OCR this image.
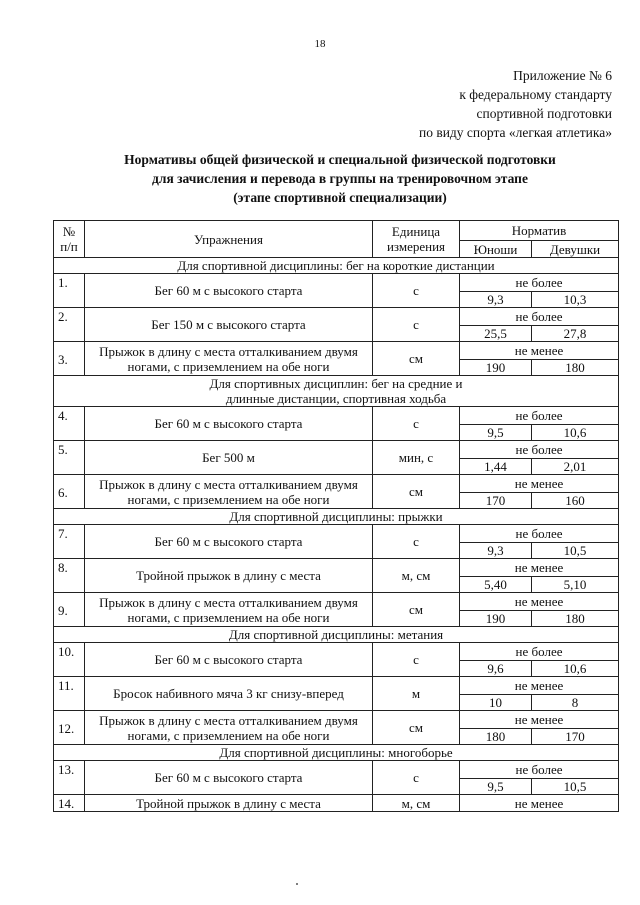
18
Приложение № 6
к федеральному стандарту
спортивной подготовки
по виду спорта «легкая атлетика»
Нормативы общей физической и специальной физической подготовки
для зачисления и перевода в группы на тренировочном этапе
(этапе спортивной специализации)
№ п/п	Упражнения	Единица измерения	Норматив	
			Юноши	Девушки
Для спортивной дисциплины: бег на короткие дистанции				
1.	Бег 60 м с высокого старта	с	не более	
			9,3	10,3
2.	Бег 150 м с высокого старта	с	не более	
			25,5	27,8
3.	Прыжок в длину с места отталкиванием двумя ногами, с приземлением на обе ноги	см	не менее	
			190	180
Для спортивных дисциплин: бег на средние и длинные дистанции, спортивная ходьба				
4.	Бег 60 м с высокого старта	с	не более	
			9,5	10,6
5.	Бег 500 м	мин, с	не более	
			1,44	2,01
6.	Прыжок в длину с места отталкиванием двумя ногами, с приземлением на обе ноги	см	не менее	
			170	160
Для спортивной дисциплины: прыжки				
7.	Бег 60 м с высокого старта	с	не более	
			9,3	10,5
8.	Тройной прыжок в длину с места	м, см	не менее	
			5,40	5,10
9.	Прыжок в длину с места отталкиванием двумя ногами, с приземлением на обе ноги	см	не менее	
			190	180
Для спортивной дисциплины: метания				
10.	Бег 60 м с высокого старта	с	не более	
			9,6	10,6
11.	Бросок набивного мяча 3 кг снизу-вперед	м	не менее	
			10	8
12.	Прыжок в длину с места отталкиванием двумя ногами, с приземлением на обе ноги	см	не менее	
			180	170
Для спортивной дисциплины: многоборье				
13.	Бег 60 м с высокого старта	с	не более	
			9,5	10,5
14.	Тройной прыжок в длину с места	м, см	не менее	
